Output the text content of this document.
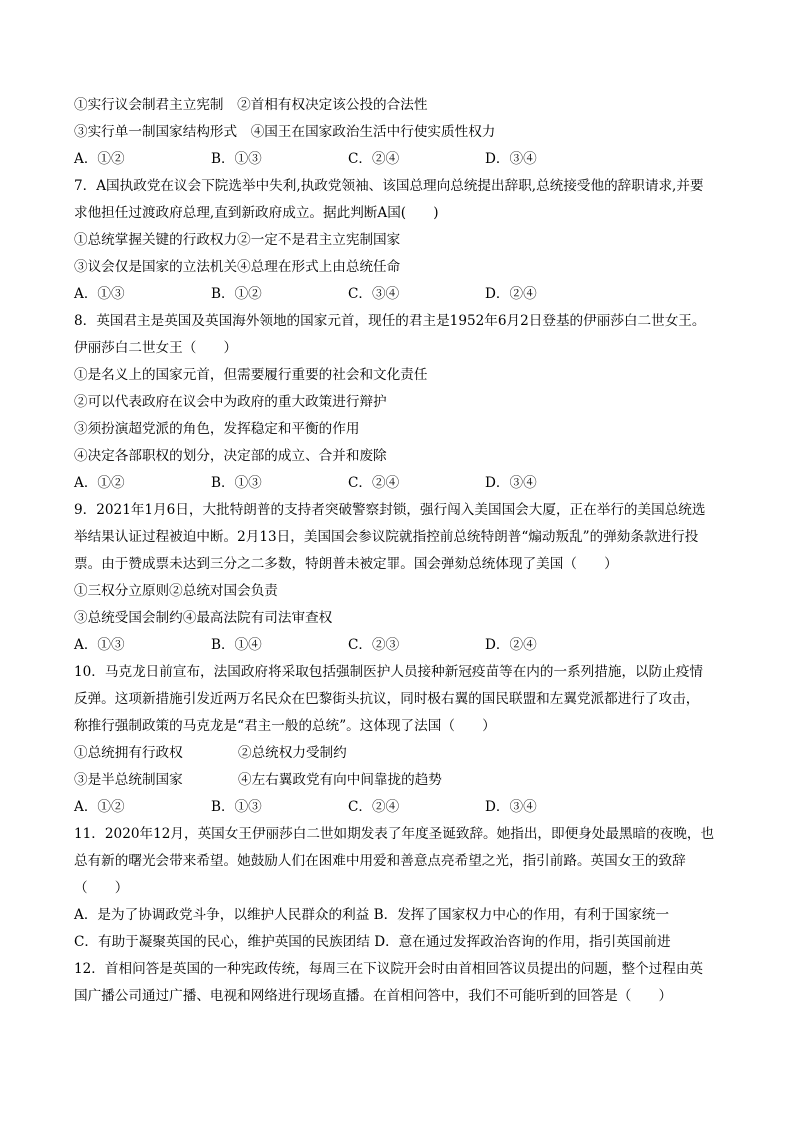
①实行议会制君主立宪制　②首相有权决定该公投的合法性
③实行单一制国家结构形式　④国王在国家政治生活中行使实质性权力
A．①②	B．①③	C．②④	D．③④
7．A国执政党在议会下院选举中失利,执政党领袖、该国总理向总统提出辞职,总统接受他的辞职请求,并要
求他担任过渡政府总理,直到新政府成立。据此判断A国(　　)
①总统掌握关键的行政权力②一定不是君主立宪制国家
③议会仅是国家的立法机关④总理在形式上由总统任命
A．①③	B．①②	C．③④	D．②④
8．英国君主是英国及英国海外领地的国家元首，现任的君主是1952年6月2日登基的伊丽莎白二世女王。
伊丽莎白二世女王（　　）
①是名义上的国家元首，但需要履行重要的社会和文化责任
②可以代表政府在议会中为政府的重大政策进行辩护
③须扮演超党派的角色，发挥稳定和平衡的作用
④决定各部职权的划分，决定部的成立、合并和废除
A．①②	B．①③	C．②④	D．③④
9．2021年1月6日，大批特朗普的支持者突破警察封锁，强行闯入美国国会大厦，正在举行的美国总统选
举结果认证过程被迫中断。2月13日，美国国会参议院就指控前总统特朗普“煽动叛乱”的弹劾条款进行投
票。由于赞成票未达到三分之二多数，特朗普未被定罪。国会弹劾总统体现了美国（　　）
①三权分立原则②总统对国会负责
③总统受国会制约④最高法院有司法审查权
A．①③	B．①④	C．②③	D．②④
10．马克龙日前宣布，法国政府将采取包括强制医护人员接种新冠疫苗等在内的一系列措施，以防止疫情
反弹。这项新措施引发近两万名民众在巴黎街头抗议，同时极右翼的国民联盟和左翼党派都进行了攻击，
称推行强制政策的马克龙是“君主一般的总统”。这体现了法国（　　）
①总统拥有行政权	②总统权力受制约
③是半总统制国家	④左右翼政党有向中间靠拢的趋势
A．①②	B．①③	C．②④	D．③④
11．2020年12月，英国女王伊丽莎白二世如期发表了年度圣诞致辞。她指出，即便身处最黑暗的夜晚，也
总有新的曙光会带来希望。她鼓励人们在困难中用爱和善意点亮希望之光，指引前路。英国女王的致辞
（　　）
A．是为了协调政党斗争，以维护人民群众的利益 B．发挥了国家权力中心的作用，有利于国家统一
C．有助于凝聚英国的民心，维护英国的民族团结 D．意在通过发挥政治咨询的作用，指引英国前进
12．首相问答是英国的一种宪政传统，每周三在下议院开会时由首相回答议员提出的问题，整个过程由英
国广播公司通过广播、电视和网络进行现场直播。在首相问答中，我们不可能听到的回答是（　　）
